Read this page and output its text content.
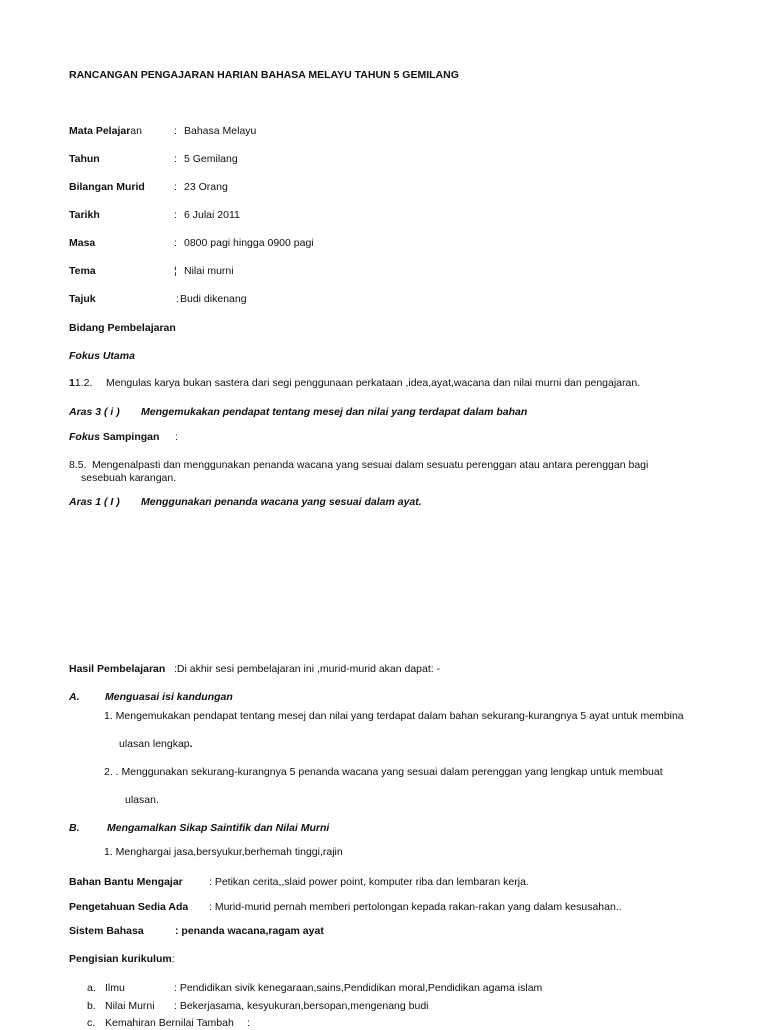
RANCANGAN PENGAJARAN HARIAN BAHASA MELAYU TAHUN 5 GEMILANG
Mata Pelajaran	: Bahasa Melayu
Tahun	: 5 Gemilang
Bilangan Murid	: 23 Orang
Tarikh	: 6 Julai 2011
Masa	: 0800 pagi hingga 0900 pagi
Tema	¦ Nilai murni
Tajuk	: Budi dikenang
Bidang Pembelajaran
Fokus Utama
11.2. Mengulas karya bukan sastera dari segi penggunaan perkataan ,idea,ayat,wacana dan nilai murni dan pengajaran.
Aras 3 ( i ) Mengemukakan pendapat tentang mesej dan nilai yang terdapat dalam bahan
Fokus Sampingan :
8.5. Mengenalpasti dan menggunakan penanda wacana yang sesuai dalam sesuatu perenggan atau antara perenggan bagi
sesebuah karangan.
Aras 1 ( I ) Menggunakan penanda wacana yang sesuai dalam ayat.
Hasil Pembelajaran :Di akhir sesi pembelajaran ini ,murid-murid akan dapat: -
A. Menguasai isi kandungan
1. Mengemukakan pendapat tentang mesej dan nilai yang terdapat dalam bahan sekurang-kurangnya 5 ayat untuk membina
ulasan lengkap.
2. . Menggunakan sekurang-kurangnya 5 penanda wacana yang sesuai dalam perenggan yang lengkap untuk membuat
ulasan.
B.	Mengamalkan Sikap Saintifik dan Nilai Murni
1. Menghargai jasa,bersyukur,berhemah tinggi,rajin
Bahan Bantu Mengajar : Petikan cerita,,slaid power point, komputer riba dan lembaran kerja.
Pengetahuan Sedia Ada : Murid-murid pernah memberi pertolongan kepada rakan-rakan yang dalam kesusahan..
Sistem Bahasa	: penanda wacana,ragam ayat
Pengisian kurikulum:
a. Ilmu	: Pendidikan sivik kenegaraan,sains,Pendidikan moral,Pendidikan agama islam
b. Nilai Murni : Bekerjasama, kesyukuran,bersopan,mengenang budi
c. Kemahiran Bernilai Tambah :
